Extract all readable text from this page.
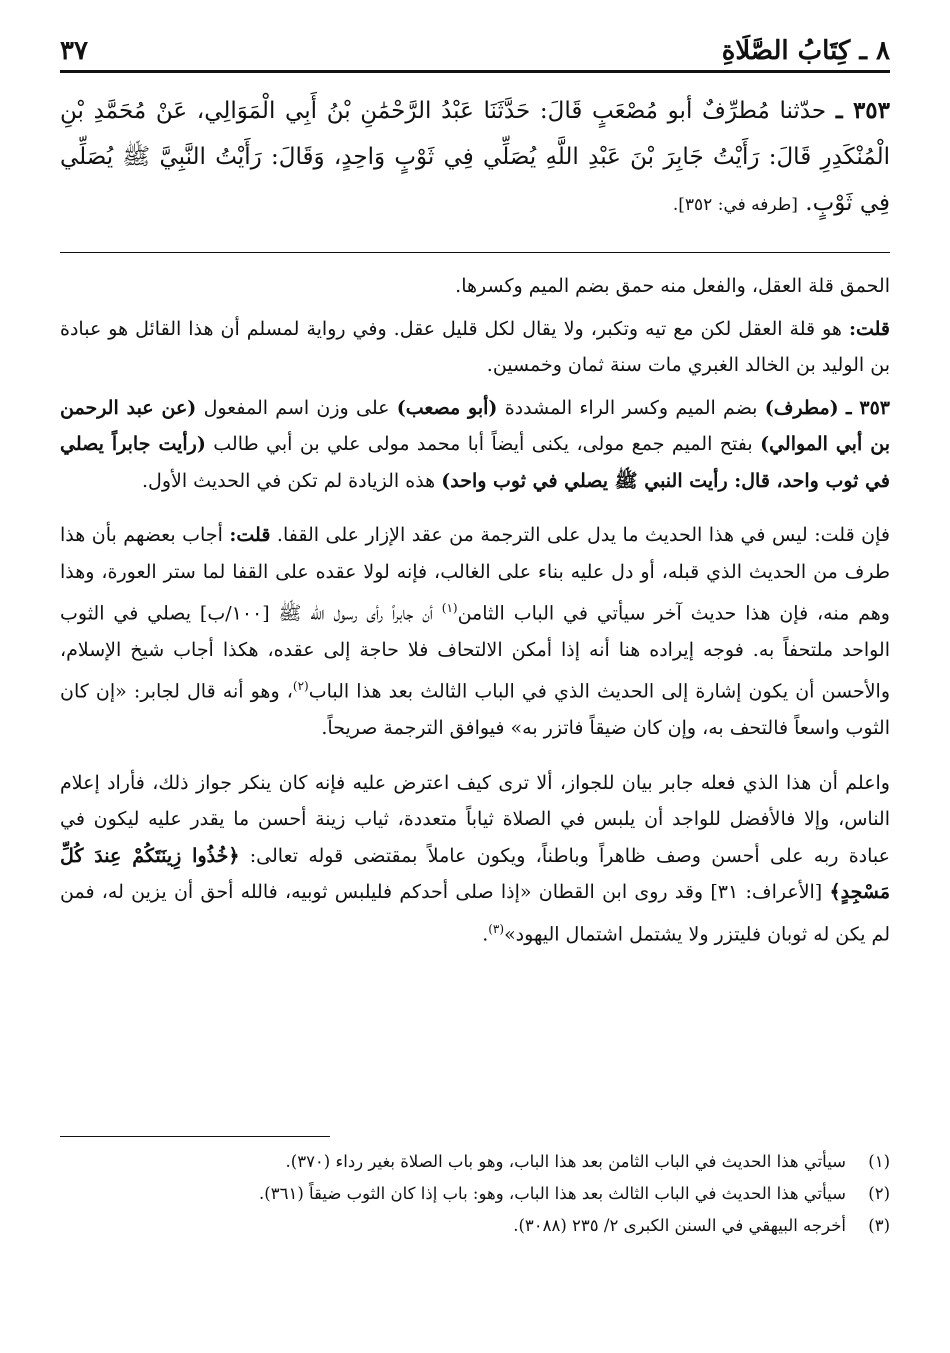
٨ ـ كِتَابُ الصَّلَاةِ
٣٧
٣٥٣ ـ حدّثنا مُطرِّفٌ أبو مُصْعَبٍ قَالَ: حَدَّثَنَا عَبْدُ الرَّحْمَٰنِ بْنُ أَبِي الْمَوَالِي، عَنْ مُحَمَّدِ بْنِ الْمُنْكَدِرِ قَالَ: رَأَيْتُ جَابِرَ بْنَ عَبْدِ اللَّهِ يُصَلِّي فِي ثَوْبٍ وَاحِدٍ، وَقَالَ: رَأَيْتُ النَّبِيَّ ﷺ يُصَلِّي فِي ثَوْبٍ. [طرفه في: ٣٥٢].

الحمق قلة العقل، والفعل منه حمق بضم الميم وكسرها.

قلت: هو قلة العقل لكن مع تيه وتكبر، ولا يقال لكل قليل عقل. وفي رواية لمسلم أن هذا القائل هو عبادة بن الوليد بن الخالد الغبري مات سنة ثمان وخمسين.

٣٥٣ ـ (مطرف) بضم الميم وكسر الراء المشددة (أبو مصعب) على وزن اسم المفعول (عن عبد الرحمن بن أبي الموالي) بفتح الميم جمع مولى، يكنى أيضاً أبا محمد مولى علي بن أبي طالب (رأيت جابراً يصلي في ثوب واحد، قال: رأيت النبي ﷺ يصلي في ثوب واحد) هذه الزيادة لم تكن في الحديث الأول.

فإن قلت: ليس في هذا الحديث ما يدل على الترجمة من عقد الإزار على القفا. قلت: أجاب بعضهم بأن هذا طرف من الحديث الذي قبله، أو دل عليه بناء على الغالب، فإنه لولا عقده على القفا لما ستر العورة، وهذا وهم منه، فإن هذا حديث آخر سيأتي في الباب الثامن$^{(١)}$ أن جابراً رأى رسول الله ﷺ [١٠٠/ب] يصلي في الثوب الواحد ملتحفاً به. فوجه إيراده هنا أنه إذا أمكن الالتحاف فلا حاجة إلى عقده، هكذا أجاب شيخ الإسلام، والأحسن أن يكون إشارة إلى الحديث الذي في الباب الثالث بعد هذا الباب$^{(٢)}$، وهو أنه قال لجابر: «إن كان الثوب واسعاً فالتحف به، وإن كان ضيقاً فاتزر به» فيوافق الترجمة صريحاً.

واعلم أن هذا الذي فعله جابر بيان للجواز، ألا ترى كيف اعترض عليه فإنه كان ينكر جواز ذلك، فأراد إعلام الناس، وإلا فالأفضل للواجد أن يلبس في الصلاة ثياباً متعددة، ثياب زينة أحسن ما يقدر عليه ليكون في عبادة ربه على أحسن وصف ظاهراً وباطناً، ويكون عاملاً بمقتضى قوله تعالى: ﴿خُذُوا زِينَتَكُمْ عِندَ كُلِّ مَسْجِدٍ﴾ [الأعراف: ٣١] وقد روى ابن القطان «إذا صلى أحدكم فليلبس ثوبيه، فالله أحق أن يزين له، فمن لم يكن له ثوبان فليتزر ولا يشتمل اشتمال اليهود»$^{(٣)}$.

(١)
سيأتي هذا الحديث في الباب الثامن بعد هذا الباب، وهو باب الصلاة بغير رداء (٣٧٠).
(٢)
سيأتي هذا الحديث في الباب الثالث بعد هذا الباب، وهو: باب إذا كان الثوب ضيقاً (٣٦١).
(٣)
أخرجه البيهقي في السنن الكبرى ٢/ ٢٣٥ (٣٠٨٨).
